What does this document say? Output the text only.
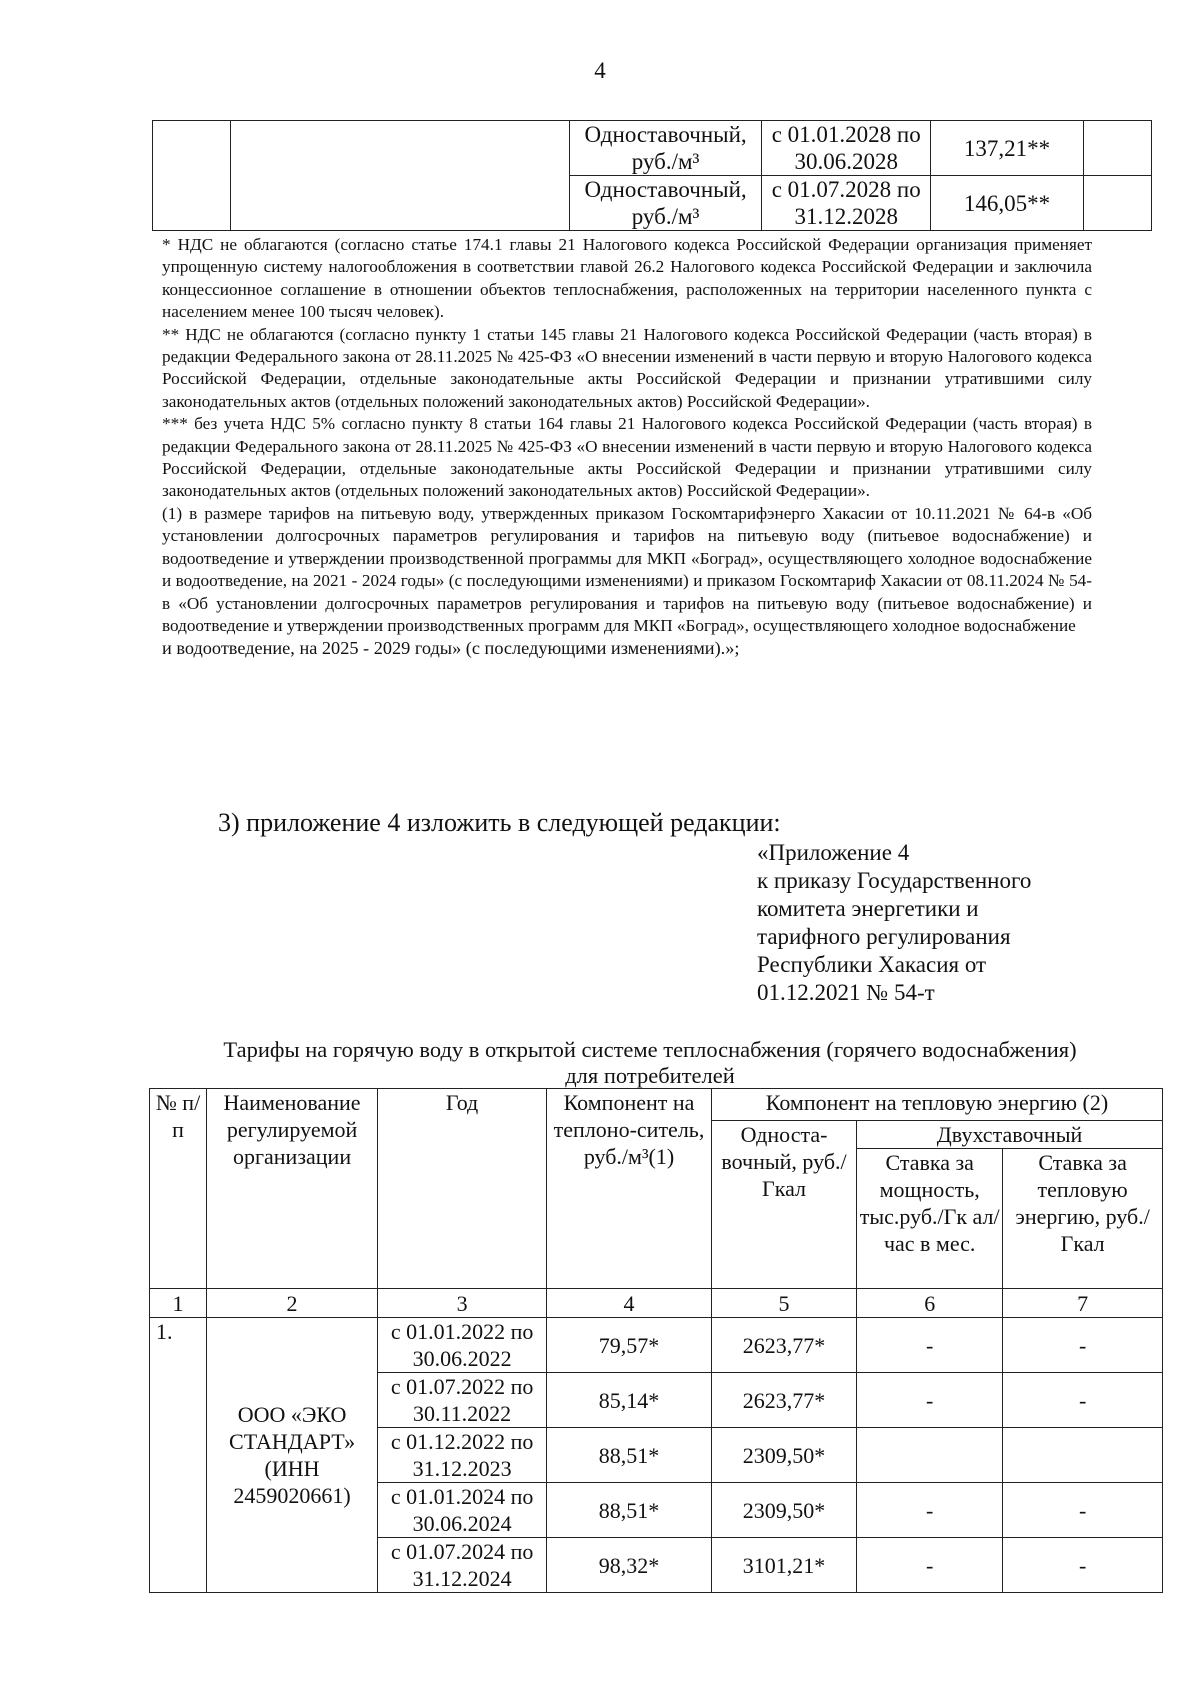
4
		Одноставочный, руб./м³	с 01.01.2028 по 30.06.2028	137,21**	
		Одноставочный, руб./м³	с 01.07.2028 по 31.12.2028	146,05**	

* НДС не облагаются (согласно статье 174.1 главы 21 Налогового кодекса Российской Федерации организация применяет упрощенную систему налогообложения в соответствии главой 26.2 Налогового кодекса Российской Федерации и заключила концессионное соглашение в отношении объектов теплоснабжения, расположенных на территории населенного пункта с населением менее 100 тысяч человек).

** НДС не облагаются (согласно пункту 1 статьи 145 главы 21 Налогового кодекса Российской Федерации (часть вторая) в редакции Федерального закона от 28.11.2025 № 425-ФЗ «О внесении изменений в части первую и вторую Налогового кодекса Российской Федерации, отдельные законодательные акты Российской Федерации и признании утратившими силу законодательных актов (отдельных положений законодательных актов) Российской Федерации».

*** без учета НДС 5% согласно пункту 8 статьи 164 главы 21 Налогового кодекса Российской Федерации (часть вторая) в редакции Федерального закона от 28.11.2025 № 425-ФЗ «О внесении изменений в части первую и вторую Налогового кодекса Российской Федерации, отдельные законодательные акты Российской Федерации и признании утратившими силу законодательных актов (отдельных положений законодательных актов) Российской Федерации».

(1) в размере тарифов на питьевую воду, утвержденных приказом Госкомтарифэнерго Хакасии от 10.11.2021 № 64-в «Об установлении долгосрочных параметров регулирования и тарифов на питьевую воду (питьевое водоснабжение) и водоотведение и утверждении производственной программы для МКП «Боград», осуществляющего холодное водоснабжение и водоотведение, на 2021 - 2024 годы» (с последующими изменениями) и приказом Госкомтариф Хакасии от 08.11.2024 № 54-в «Об установлении долгосрочных параметров регулирования и тарифов на питьевую воду (питьевое водоснабжение) и водоотведение и утверждении производственных программ для МКП «Боград», осуществляющего холодное водоснабжение

и водоотведение, на 2025 - 2029 годы» (с последующими изменениями).»;

3) приложение 4 изложить в следующей редакции:
«Приложение 4
к приказу Государственного
комитета энергетики и
тарифного регулирования
Республики Хакасия от
01.12.2021 № 54-т
Тарифы на горячую воду в открытой системе теплоснабжения (горячего водоснабжения)
для потребителей
№ п/п	Наименование регулируемой организации	Год	Компонент на теплоно-ситель, руб./м³(1)	Компонент на тепловую энергию (2)		
				Односта-вочный, руб./Гкал	Двухставочный	
					Ставка за мощность, тыс.руб./Гк ал/час в мес.	Ставка за тепловую энергию, руб./Гкал
1	2	3	4	5	6	7
1.	ООО «ЭКО СТАНДАРТ» (ИНН 2459020661)	с 01.01.2022 по 30.06.2022	79,57*	2623,77*	-	-
		с 01.07.2022 по 30.11.2022	85,14*	2623,77*	-	-
		с 01.12.2022 по 31.12.2023	88,51*	2309,50*		
		с 01.01.2024 по 30.06.2024	88,51*	2309,50*	-	-
		с 01.07.2024 по 31.12.2024	98,32*	3101,21*	-	-
